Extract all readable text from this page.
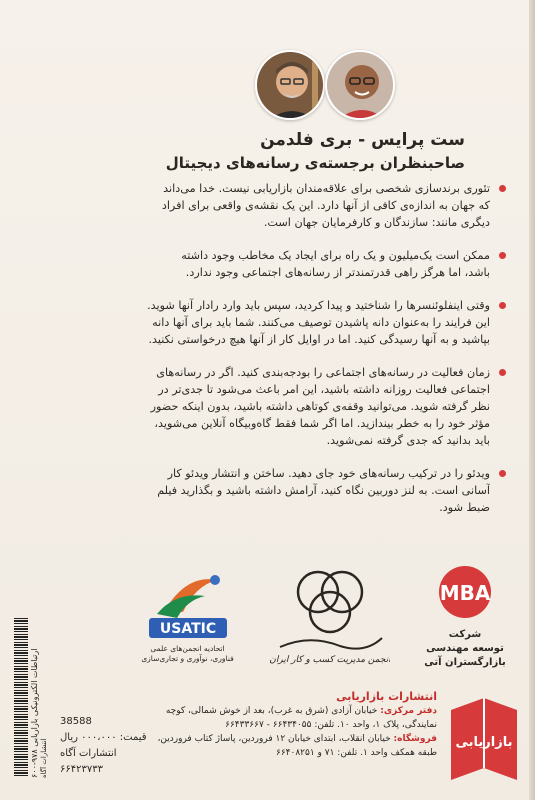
ست پرایس - بری فلدمن
صاحبنظران برجسته‌ی رسانه‌های دیجیتال
تئوری برندسازی شخصی برای علاقه‌مندان بازاریابی نیست. خدا می‌داند
که جهان به اندازه‌ی کافی از آنها دارد. این یک نقشه‌ی واقعی برای افراد
دیگری مانند: سازندگان و کارفرمایان جهان است.
ممکن است یک‌میلیون و یک راه برای ایجاد یک مخاطب وجود داشته
باشد، اما هرگز راهی قدرتمندتر از رسانه‌های اجتماعی وجود ندارد.
وقتی اینفلوئنسرها را شناختید و پیدا کردید، سپس باید وارد رادار آنها شوید.
این فرایند را به‌عنوان دانه پاشیدن توصیف می‌کنند. شما باید برای آنها دانه
بپاشید و به آنها رسیدگی کنید. اما در اوایل کار از آنها هیچ درخواستی نکنید.
زمان فعالیت در رسانه‌های اجتماعی را بودجه‌بندی کنید. اگر در رسانه‌های
اجتماعی فعالیت روزانه داشته باشید، این امر باعث می‌شود تا جدی‌تر در
نظر گرفته شوید. می‌توانید وقفه‌ی کوتاهی داشته باشید، بدون اینکه حضور
مؤثر خود را به خطر بیندازید. اما اگر شما فقط گاه‌وبیگاه آنلاین می‌شوید،
باید بدانید که جدی گرفته نمی‌شوید.
ویدئو را در ترکیب رسانه‌های خود جای دهید. ساختن و انتشار ویدئو کار
آسانی است. به لنز دوربین نگاه کنید، آرامش داشته باشید و بگذارید فیلم
ضبط شود.
USATIC
اتحادیه انجمن‌های علمی
فناوری، نوآوری و تجاری‌سازی	انجمن مدیریت کسب و کار ایران
MBA
شرکت
توسعه مهندسی
بازارگستران آتی
ارتباطات الکترونیکی بازاریابی ۹۷۸-۶۰۰
انتشارات آگاه
38588
قیمت: ۰۰۰،۰۰۰ ریال
انتشارات آگاه
۶۶۴۲۳۷۳۳
انتشارات بازاریابی
دفتر مرکزی: خیابان آزادی (شرق به غرب)، بعد از خوش شمالی، کوچه
نمایندگی، پلاک ۱، واحد ۱۰. تلفن: ۶۶۴۳۴۰۵۵ - ۶۶۴۳۳۶۶۷
فروشگاه: خیابان انقلاب، ابتدای خیابان ۱۲ فروردین، پاساژ کتاب فروردین،
طبقه همکف واحد ۱. تلفن: ۷۱ و ۶۶۴۰۸۲۵۱
بازاریابی
